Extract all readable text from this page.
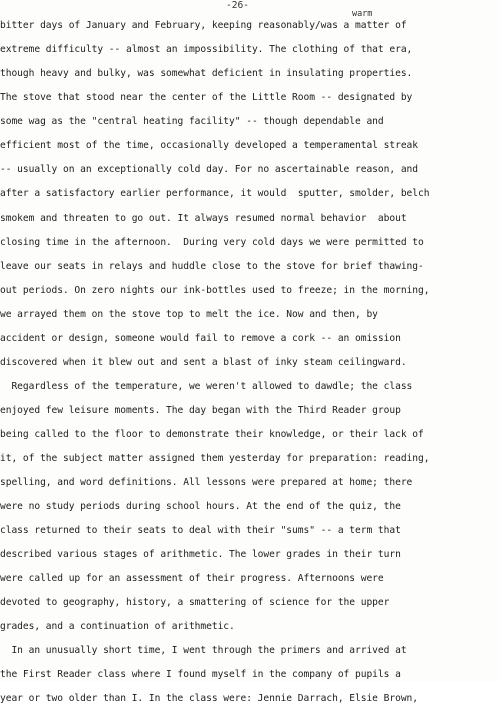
-26-
warm
bitter days of January and February, keeping reasonably/was a matter of
extreme difficulty -- almost an impossibility. The clothing of that era,
though heavy and bulky, was somewhat deficient in insulating properties.
The stove that stood near the center of the Little Room -- designated by
some wag as the "central heating facility" -- though dependable and
efficient most of the time, occasionally developed a temperamental streak
-- usually on an exceptionally cold day. For no ascertainable reason, and
after a satisfactory earlier performance, it would  sputter, smolder, belch
smokem and threaten to go out. It always resumed normal behavior  about
closing time in the afternoon.  During very cold days we were permitted to
leave our seats in relays and huddle close to the stove for brief thawing-
out periods. On zero nights our ink-bottles used to freeze; in the morning,
we arrayed them on the stove top to melt the ice. Now and then, by
accident or design, someone would fail to remove a cork -- an omission
discovered when it blew out and sent a blast of inky steam ceilingward.
Regardless of the temperature, we weren't allowed to dawdle; the class
enjoyed few leisure moments. The day began with the Third Reader group
being called to the floor to demonstrate their knowledge, or their lack of
it, of the subject matter assigned them yesterday for preparation: reading,
spelling, and word definitions. All lessons were prepared at home; there
were no study periods during school hours. At the end of the quiz, the
class returned to their seats to deal with their "sums" -- a term that
described various stages of arithmetic. The lower grades in their turn
were called up for an assessment of their progress. Afternoons were
devoted to geography, history, a smattering of science for the upper
grades, and a continuation of arithmetic.
In an unusually short time, I went through the primers and arrived at
the First Reader class where I found myself in the company of pupils a
year or two older than I. In the class were: Jennie Darrach, Elsie Brown,
